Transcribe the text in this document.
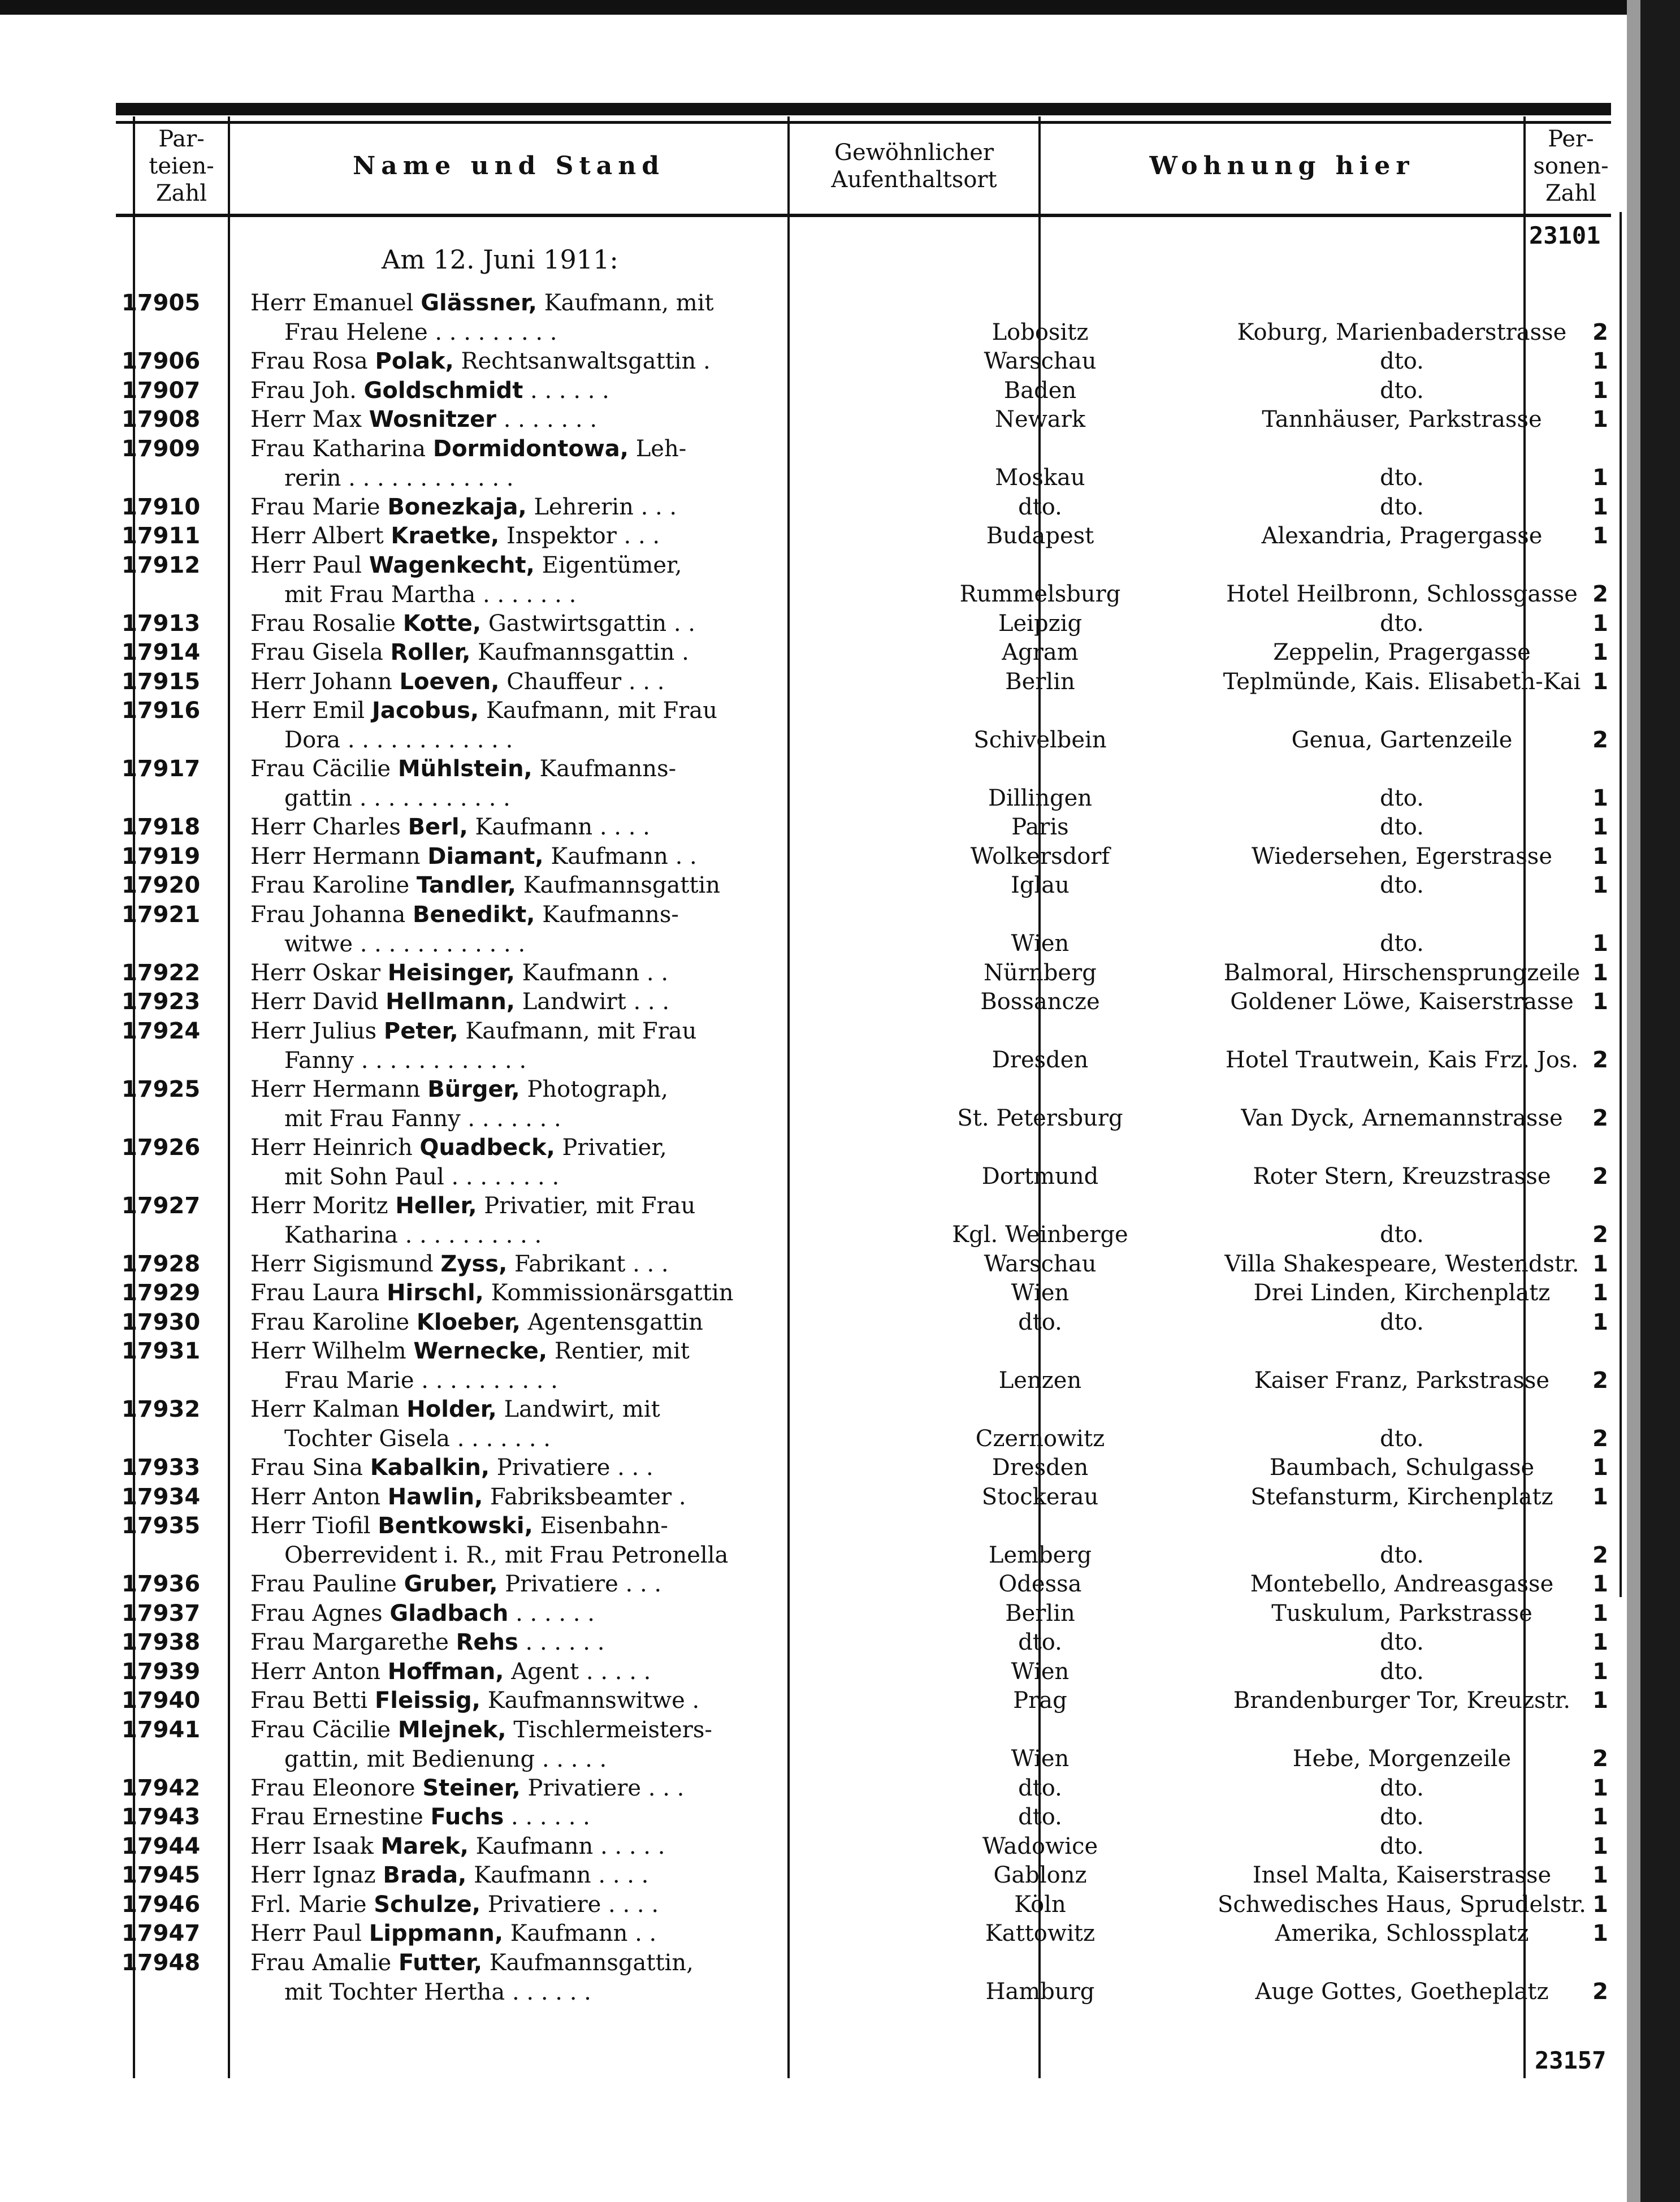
Par-
teien-
Zahl
Name und Stand	Gewöhnlicher
Aufenthaltsort	Wohnung hier
Per-
sonen-
Zahl
23101
Am 12. Juni 1911:
17905	Herr Emanuel Glässner, Kaufmann, mit
Frau Helene . . . . . . . . .	Lobositz	Koburg, Marienbaderstrasse	2
17906	Frau Rosa Polak, Rechtsanwaltsgattin .	Warschau	dto.	1
17907	Frau Joh. Goldschmidt . . . . . .	Baden	dto.	1
17908	Herr Max Wosnitzer . . . . . . .	Newark	Tannhäuser, Parkstrasse	1
17909	Frau Katharina Dormidontowa, Leh-
rerin . . . . . . . . . . . .	Moskau	dto.	1
17910	Frau Marie Bonezkaja, Lehrerin . . .	dto.	dto.	1
17911	Herr Albert Kraetke, Inspektor . . .	Budapest	Alexandria, Pragergasse	1
17912	Herr Paul Wagenkecht, Eigentümer,
mit Frau Martha . . . . . . .	Rummelsburg	Hotel Heilbronn, Schlossgasse 2
17913	Frau Rosalie Kotte, Gastwirtsgattin . .	Leipzig	dto.	1
17914	Frau Gisela Roller, Kaufmannsgattin .	Agram	Zeppelin, Pragergasse	1
17915	Herr Johann Loeven, Chauffeur . . .	Berlin	Teplmünde, Kais. Elisabeth-Kai 1
17916	Herr Emil Jacobus, Kaufmann, mit Frau
Dora . . . . . . . . . . . .	Schivelbein	Genua, Gartenzeile	2
17917	Frau Cäcilie Mühlstein, Kaufmanns-
gattin . . . . . . . . . . .	Dillingen	dto.	1
17918	Herr Charles Berl, Kaufmann . . . .	Paris	dto.	1
17919	Herr Hermann Diamant, Kaufmann . .	Wolkersdorf	Wiedersehen, Egerstrasse	1
17920	Frau Karoline Tandler, Kaufmannsgattin	Iglau	dto.	1
17921	Frau Johanna Benedikt, Kaufmanns-
witwe . . . . . . . . . . . .	Wien	dto.	1
17922	Herr Oskar Heisinger, Kaufmann . .	Nürnberg	Balmoral, Hirschensprungzeile 1
17923	Herr David Hellmann, Landwirt . . .	Bossancze	Goldener Löwe, Kaiserstrasse 1
17924	Herr Julius Peter, Kaufmann, mit Frau
Fanny . . . . . . . . . . . .	Dresden	Hotel Trautwein, Kais Frz. Jos. 2
17925	Herr Hermann Bürger, Photograph,
mit Frau Fanny . . . . . . .	St. Petersburg	Van Dyck, Arnemannstrasse	2
17926	Herr Heinrich Quadbeck, Privatier,
mit Sohn Paul . . . . . . . .	Dortmund	Roter Stern, Kreuzstrasse	2
17927	Herr Moritz Heller, Privatier, mit Frau
Katharina . . . . . . . . . .	Kgl. Weinberge	dto.	2
17928	Herr Sigismund Zyss, Fabrikant . . .	Warschau	Villa Shakespeare, Westendstr. 1
17929	Frau Laura Hirschl, Kommissionärsgattin	Wien	Drei Linden, Kirchenplatz	1
17930	Frau Karoline Kloeber, Agentensgattin	dto.	dto.	1
17931	Herr Wilhelm Wernecke, Rentier, mit
Frau Marie . . . . . . . . . .	Lenzen	Kaiser Franz, Parkstrasse	2
17932	Herr Kalman Holder, Landwirt, mit
Tochter Gisela . . . . . . .	Czernowitz	dto.	2
17933	Frau Sina Kabalkin, Privatiere . . .	Dresden	Baumbach, Schulgasse	1
17934	Herr Anton Hawlin, Fabriksbeamter .	Stockerau	Stefansturm, Kirchenplatz	1
17935	Herr Tiofil Bentkowski, Eisenbahn-
Oberrevident i. R., mit Frau Petronella	Lemberg	dto.	2
17936	Frau Pauline Gruber, Privatiere . . .	Odessa	Montebello, Andreasgasse	1
17937	Frau Agnes Gladbach . . . . . .	Berlin	Tuskulum, Parkstrasse	1
17938	Frau Margarethe Rehs . . . . . .	dto.	dto.	1
17939	Herr Anton Hoffman, Agent . . . . .	Wien	dto.	1
17940	Frau Betti Fleissig, Kaufmannswitwe .	Prag	Brandenburger Tor, Kreuzstr. 1
17941	Frau Cäcilie Mlejnek, Tischlermeisters-
gattin, mit Bedienung . . . . .	Wien	Hebe, Morgenzeile	2
17942	Frau Eleonore Steiner, Privatiere . . .	dto.	dto.	1
17943	Frau Ernestine Fuchs . . . . . .	dto.	dto.	1
17944	Herr Isaak Marek, Kaufmann . . . . .	Wadowice	dto.	1
17945	Herr Ignaz Brada, Kaufmann . . . .	Gablonz	Insel Malta, Kaiserstrasse	1
17946	Frl. Marie Schulze, Privatiere . . . .	Köln	Schwedisches Haus, Sprudelstr. 1
17947	Herr Paul Lippmann, Kaufmann . .	Kattowitz	Amerika, Schlossplatz	1
17948	Frau Amalie Futter, Kaufmannsgattin,
mit Tochter Hertha . . . . . .	Hamburg	Auge Gottes, Goetheplatz	2
23157
